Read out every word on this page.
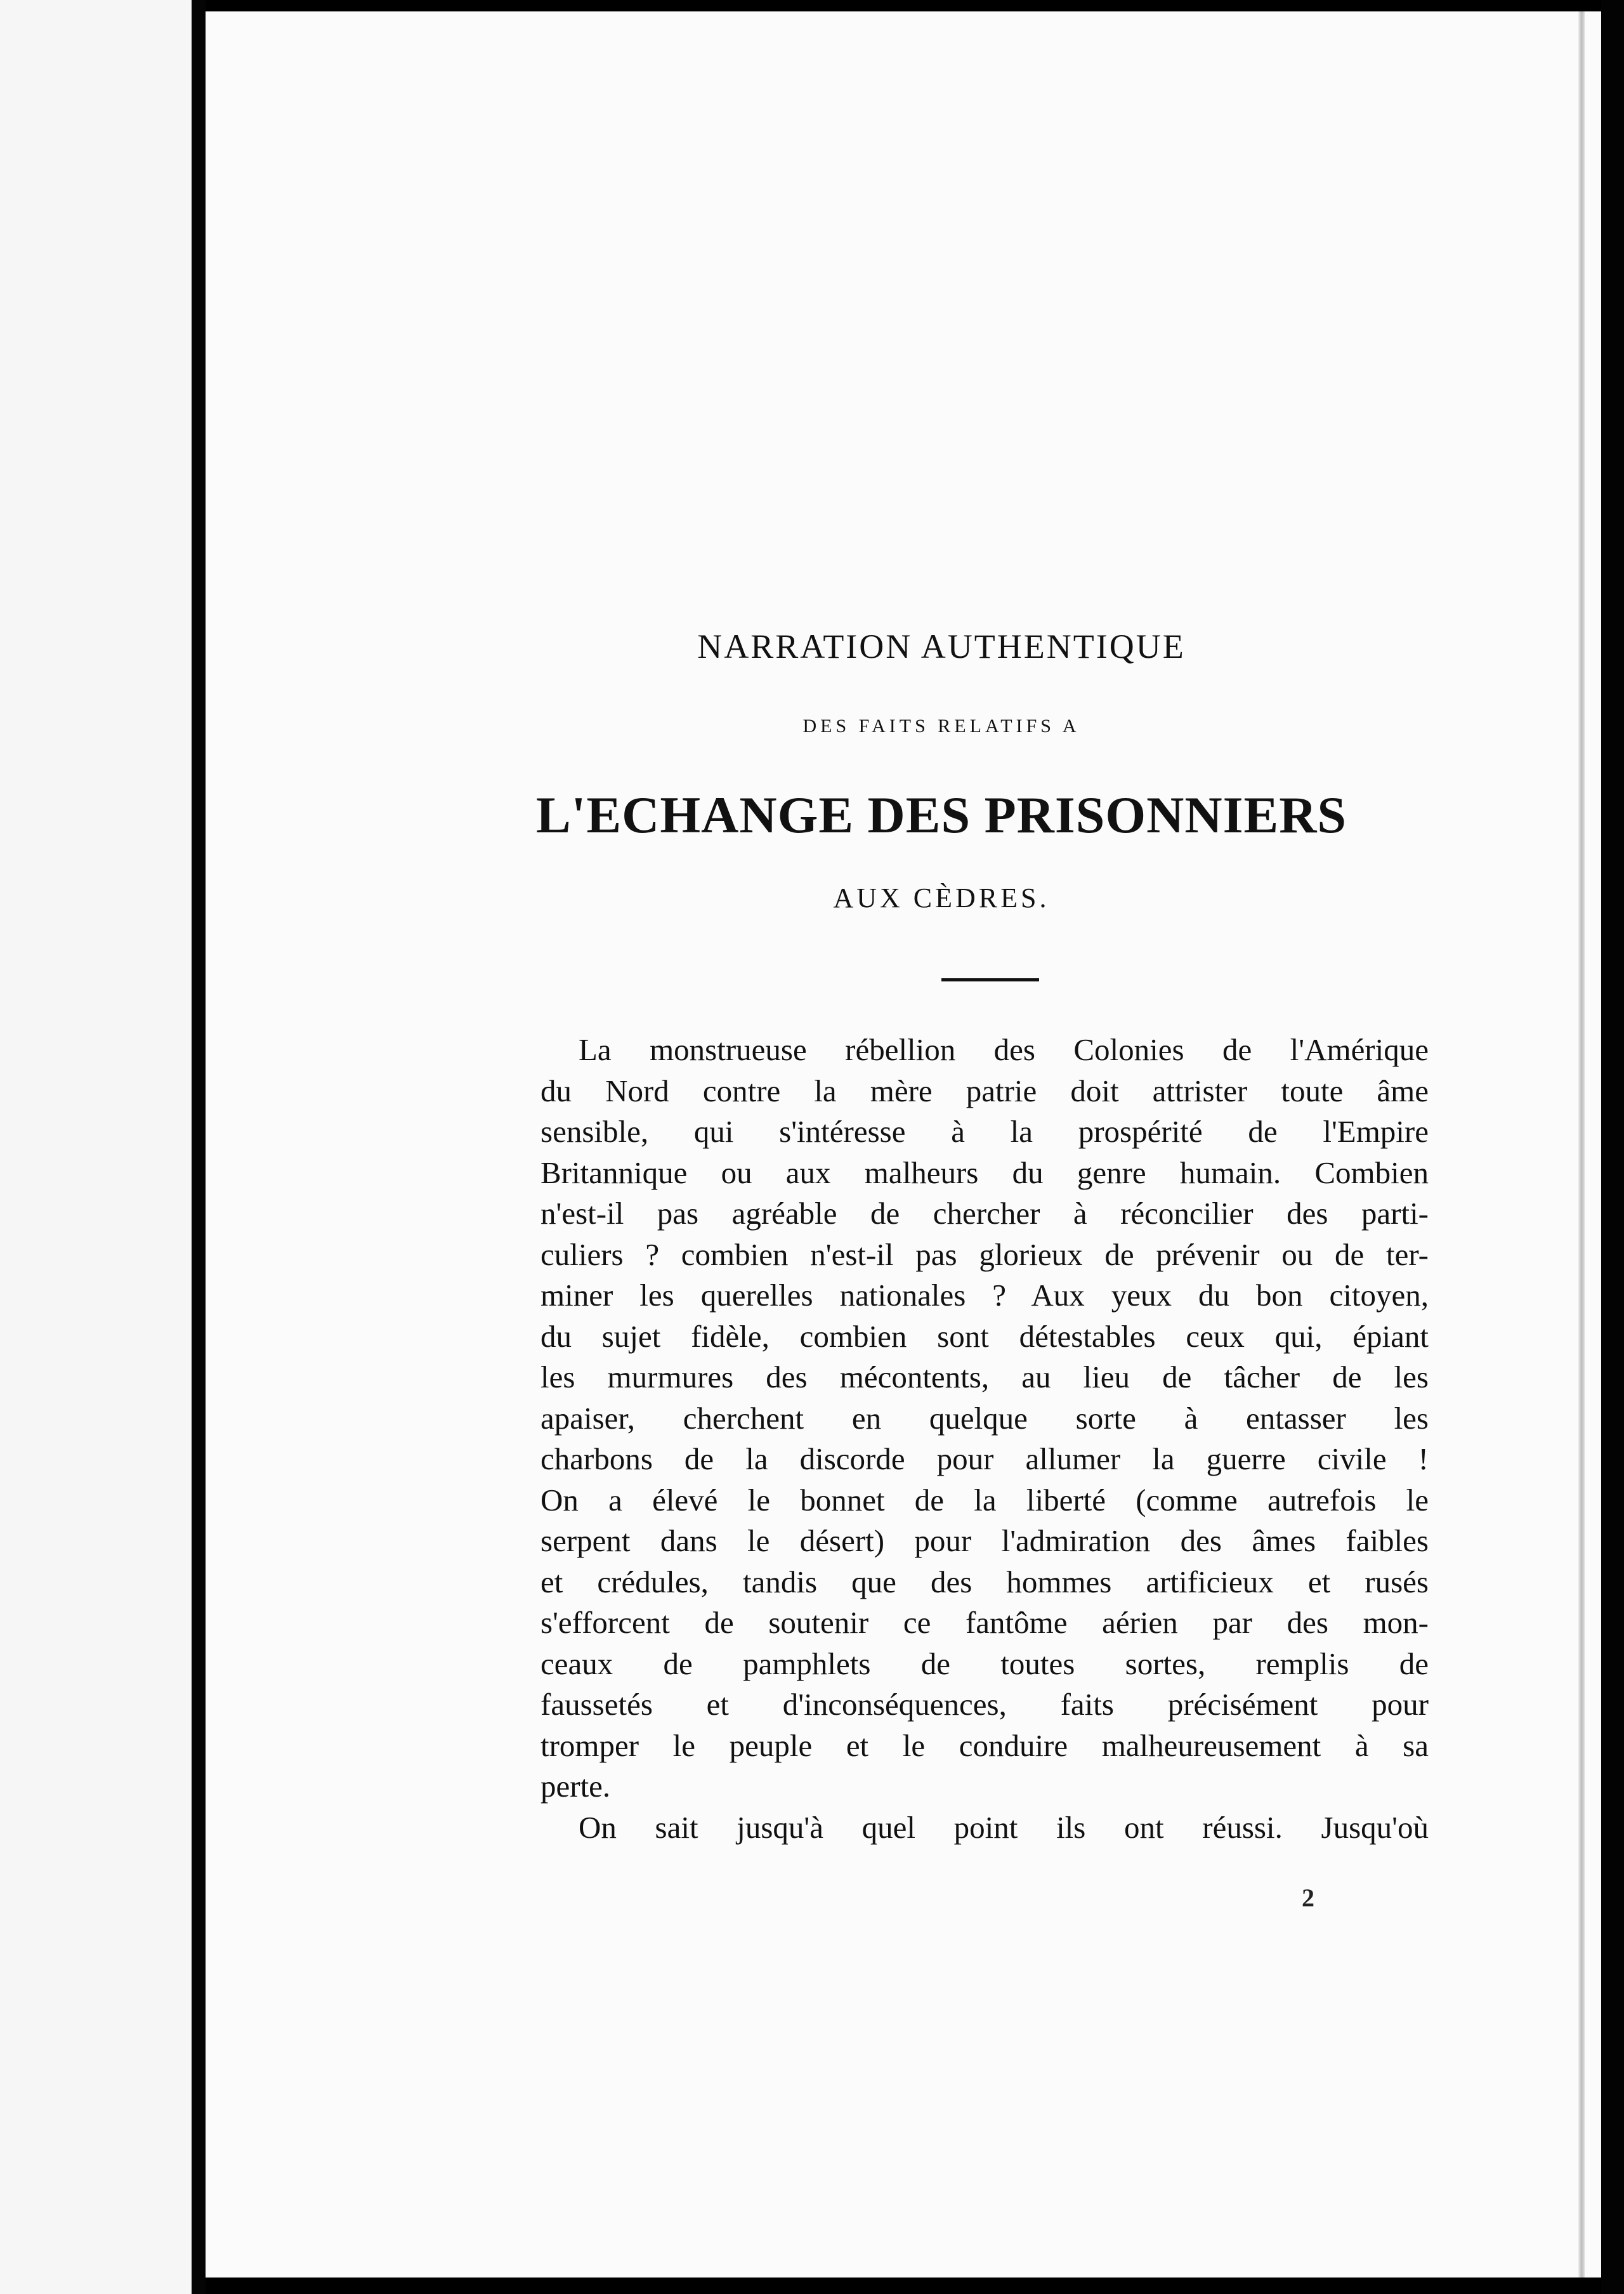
NARRATION AUTHENTIQUE
DES FAITS RELATIFS A
L'ECHANGE DES PRISONNIERS
AUX CÈDRES.
La monstrueuse rébellion des Colonies de l'Amérique
du Nord contre la mère patrie doit attrister toute âme
sensible, qui s'intéresse à la prospérité de l'Empire
Britannique ou aux malheurs du genre humain. Combien
n'est-il pas agréable de chercher à réconcilier des parti-
culiers ? combien n'est-il pas glorieux de prévenir ou de ter-
miner les querelles nationales ? Aux yeux du bon citoyen,
du sujet fidèle, combien sont détestables ceux qui, épiant
les murmures des mécontents, au lieu de tâcher de les
apaiser, cherchent en quelque sorte à entasser les
charbons de la discorde pour allumer la guerre civile !
On a élevé le bonnet de la liberté (comme autrefois le
serpent dans le désert) pour l'admiration des âmes faibles
et crédules, tandis que des hommes artificieux et rusés
s'efforcent de soutenir ce fantôme aérien par des mon-
ceaux de pamphlets de toutes sortes, remplis de
faussetés et d'inconséquences, faits précisément pour
tromper le peuple et le conduire malheureusement à sa
perte.
On sait jusqu'à quel point ils ont réussi. Jusqu'où
2
